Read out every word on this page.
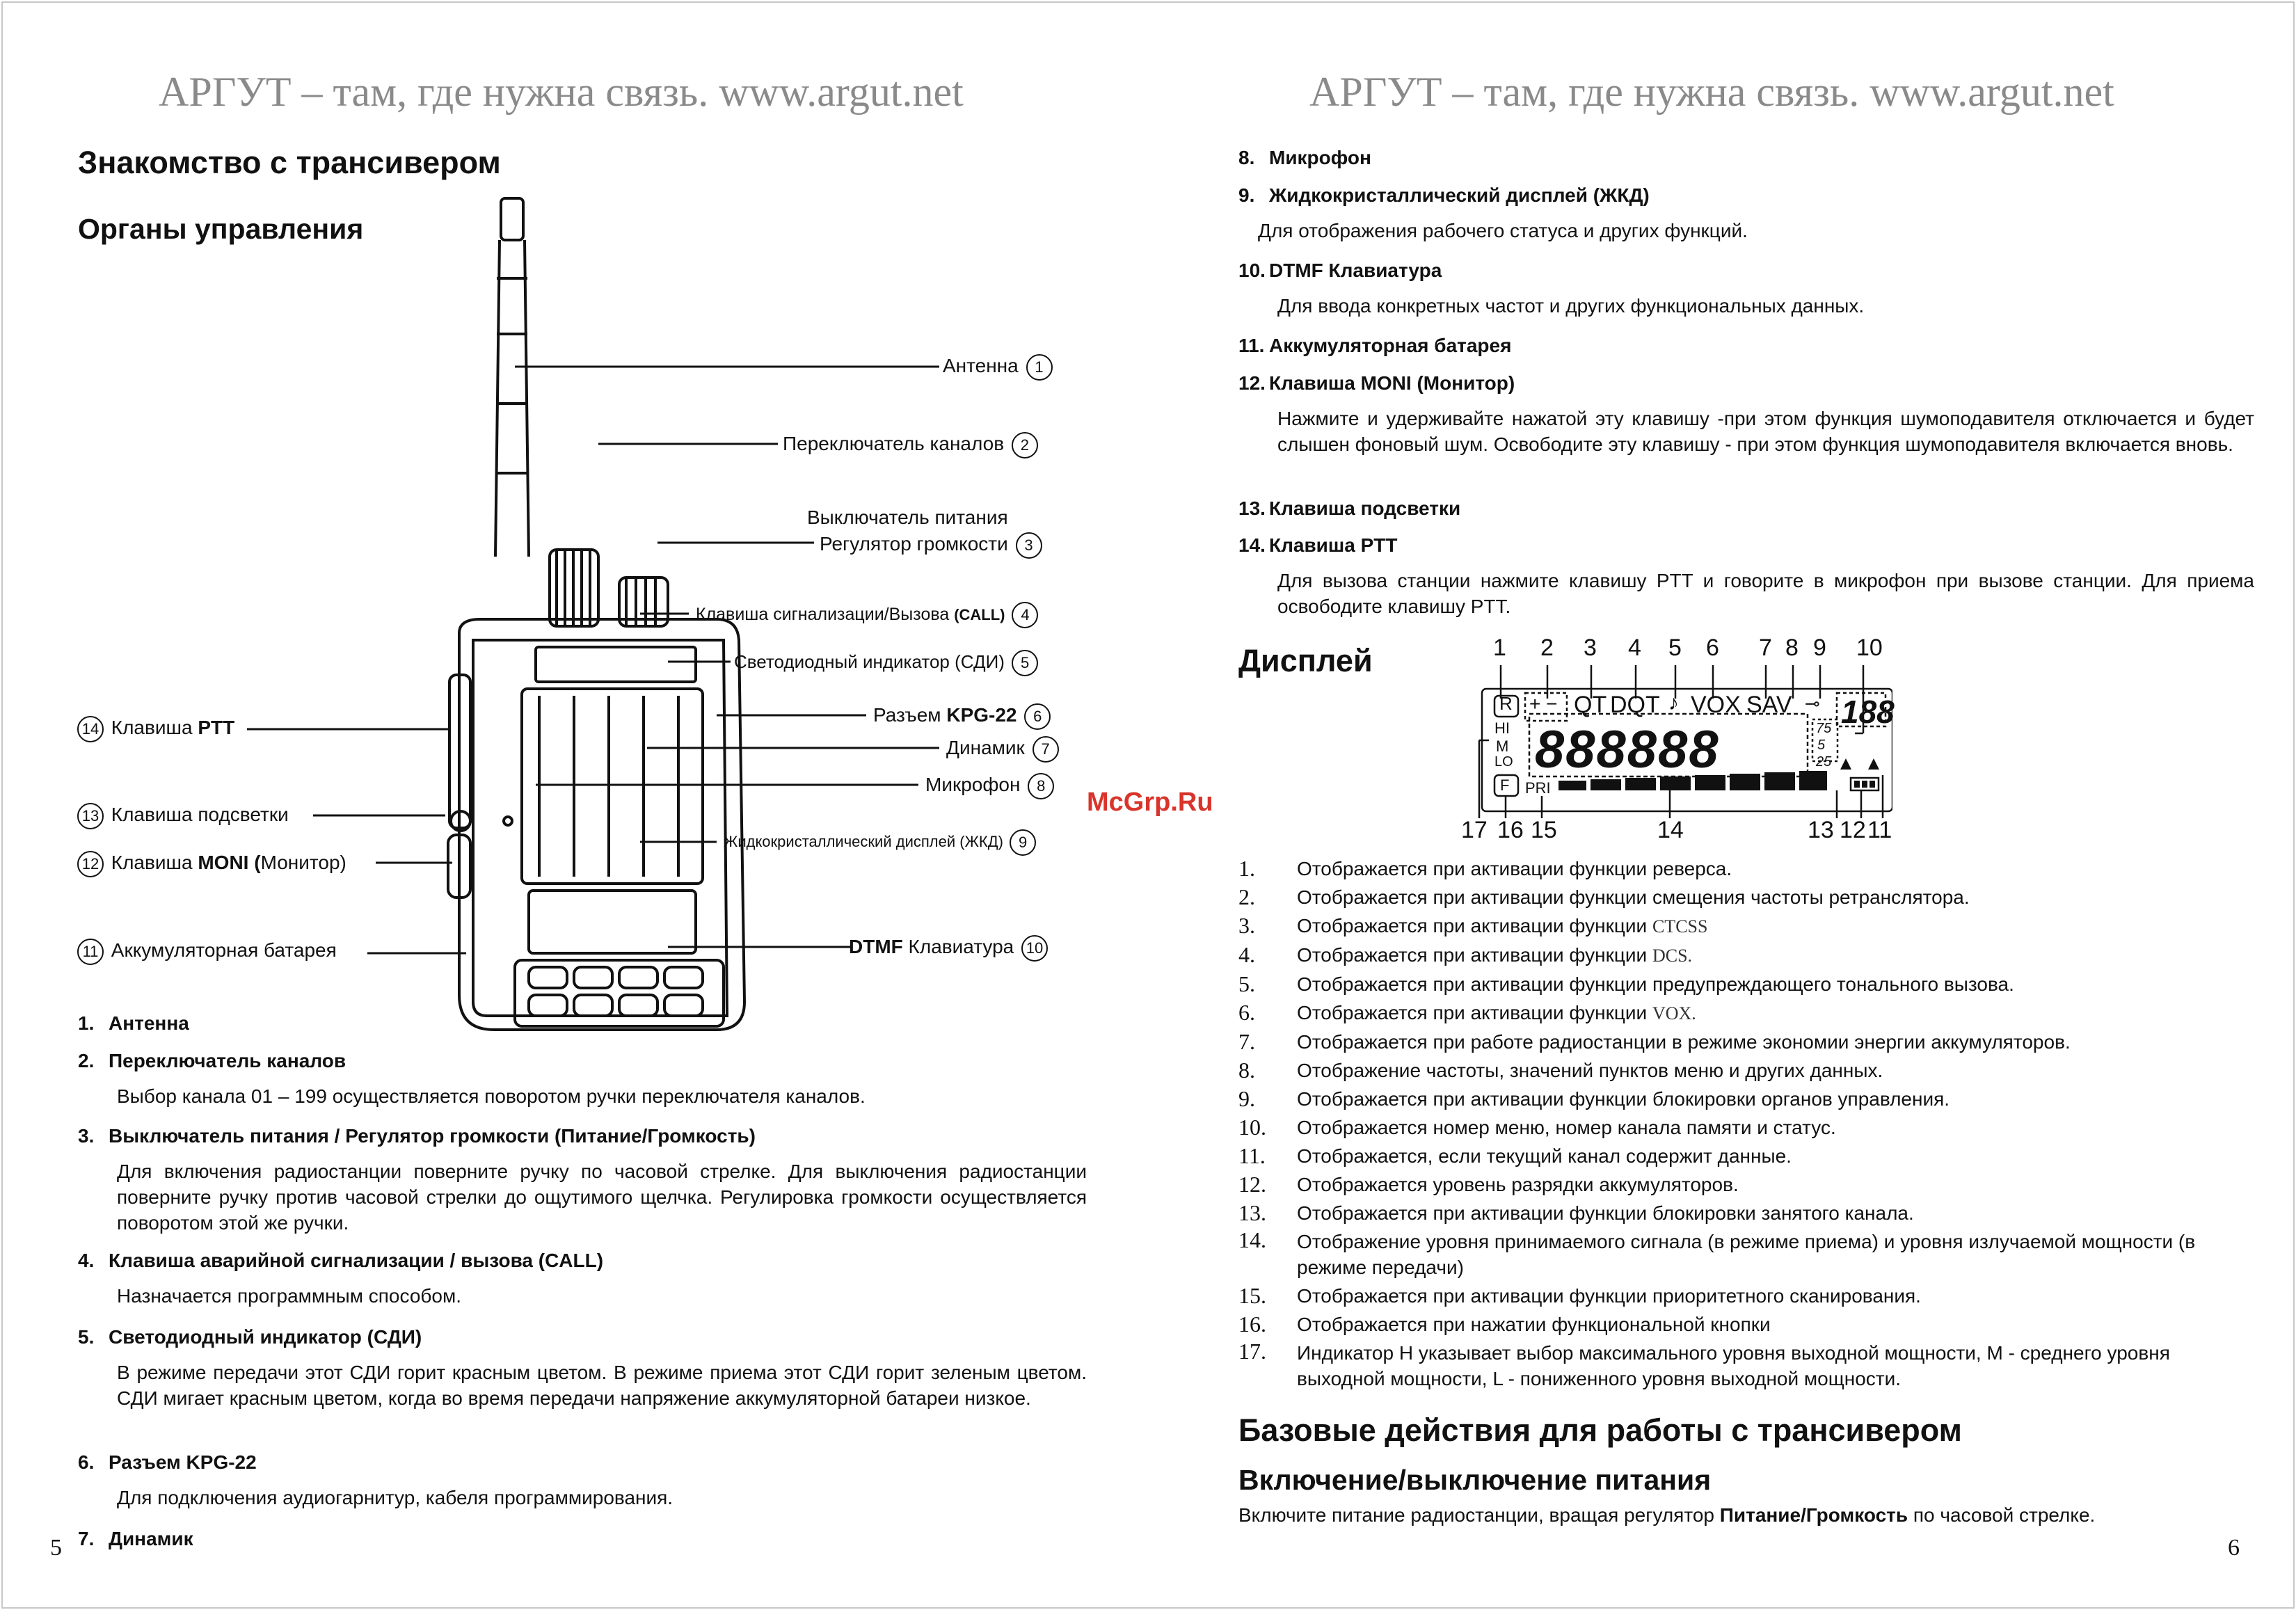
АРГУТ – там, где нужна связь. www.argut.net
Знакомство с трансивером
Органы управления
Антенна 1
Переключатель каналов 2
Выключатель питания
Регулятор громкости 3
Клавиша сигнализации/Вызова (CALL) 4
Светодиодный индикатор (СДИ) 5
Разъем KPG-22 6
Динамик 7
Микрофон 8
Жидкокристаллический дисплей (ЖКД) 9
DTMF Клавиатура 10
14 Клавиша PTT
13 Клавиша подсветки
12 Клавиша MONI (Монитор)
11 Аккумуляторная батарея

1. Антенна

2. Переключатель каналов

Выбор канала 01 – 199 осуществляется поворотом ручки переключателя каналов.

3. Выключатель питания / Регулятор громкости (Питание/Громкость)

Для включения радиостанции поверните ручку по часовой стрелке. Для выключения радиостанции поверните ручку против часовой стрелки до ощутимого щелчка. Регулировка громкости осуществляется поворотом этой же ручки.

4. Клавиша аварийной сигнализации / вызова (CALL)

Назначается программным способом.

5. Светодиодный индикатор (СДИ)

В режиме передачи этот СДИ горит красным цветом. В режиме приема этот СДИ горит зеленым цветом. СДИ мигает красным цветом, когда во время передачи напряжение аккумуляторной батареи низкое.

6. Разъем KPG-22

Для подключения аудиогарнитур, кабеля программирования.

7. Динамик

5
АРГУТ – там, где нужна связь. www.argut.net

8. Микрофон

9. Жидкокристаллический дисплей (ЖКД)

Для отображения рабочего статуса и других функций.

10. DTMF Клавиатура

Для ввода конкретных частот и других функциональных данных.

11. Аккумуляторная батарея

12. Клавиша MONI (Монитор)

Нажмите и удерживайте нажатой эту клавишу -при этом функция шумоподавителя отключается и будет слышен фоновый шум. Освободите эту клавишу - при этом функция шумоподавителя включается вновь.

13. Клавиша подсветки

14. Клавиша PTT

Для вызова станции нажмите клавишу PTT и говорите в микрофон при вызове станции. Для приема освободите клавишу PTT.

Дисплей	1 2 3 4 5 6 7 8 9 10
R + − QT DQT ♪ VOX SAV ⊸ 188
HI
M
LO
F PRI
888888	75
5
25
17 16 15	14	13 12 11
1. Отображается при активации функции реверса.
2. Отображается при активации функции смещения частоты ретранслятора.
3. Отображается при активации функции CTCSS
4. Отображается при активации функции DCS.
5. Отображается при активации функции предупреждающего тонального вызова.
6. Отображается при активации функции VOX.
7. Отображается при работе радиостанции в режиме экономии энергии аккумуляторов.
8. Отображение частоты, значений пунктов меню и других данных.
9. Отображается при активации функции блокировки органов управления.
10. Отображается номер меню, номер канала памяти и статус.
11. Отображается, если текущий канал содержит данные.
12. Отображается уровень разрядки аккумуляторов.
13. Отображается при активации функции блокировки занятого канала.
14. Отображение уровня принимаемого сигнала (в режиме приема) и уровня излучаемой мощности (в режиме передачи)
15. Отображается при активации функции приоритетного сканирования.
16. Отображается при нажатии функциональной кнопки
17. Индикатор H указывает выбор максимального уровня выходной мощности, M - среднего уровня выходной мощности, L - пониженного уровня выходной мощности.
Базовые действия для работы с трансивером
Включение/выключение питания
Включите питание радиостанции, вращая регулятор Питание/Громкость по часовой стрелке.
6
McGrp.Ru
